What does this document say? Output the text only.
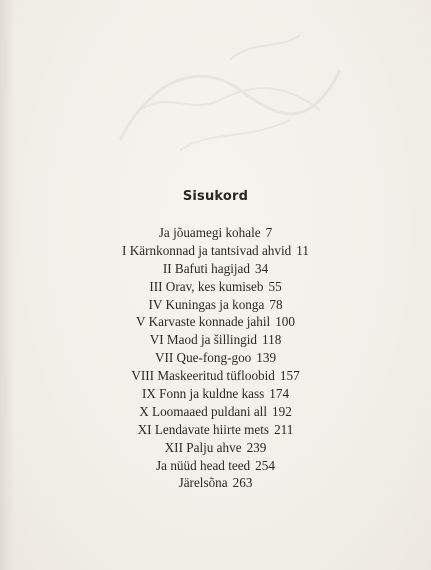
Sisukord
Ja jõuamegi kohale 7
I Kärnkonnad ja tantsivad ahvid 11
II Bafuti hagijad 34
III Orav, kes kumiseb 55
IV Kuningas ja konga 78
V Karvaste konnade jahil 100
VI Maod ja šillingid 118
VII Que-fong-goo 139
VIII Maskeeritud tüfloobid 157
IX Fonn ja kuldne kass 174
X Loomaaed puldani all 192
XI Lendavate hiirte mets 211
XII Palju ahve 239
Ja nüüd head teed 254
Järelsõna 263
